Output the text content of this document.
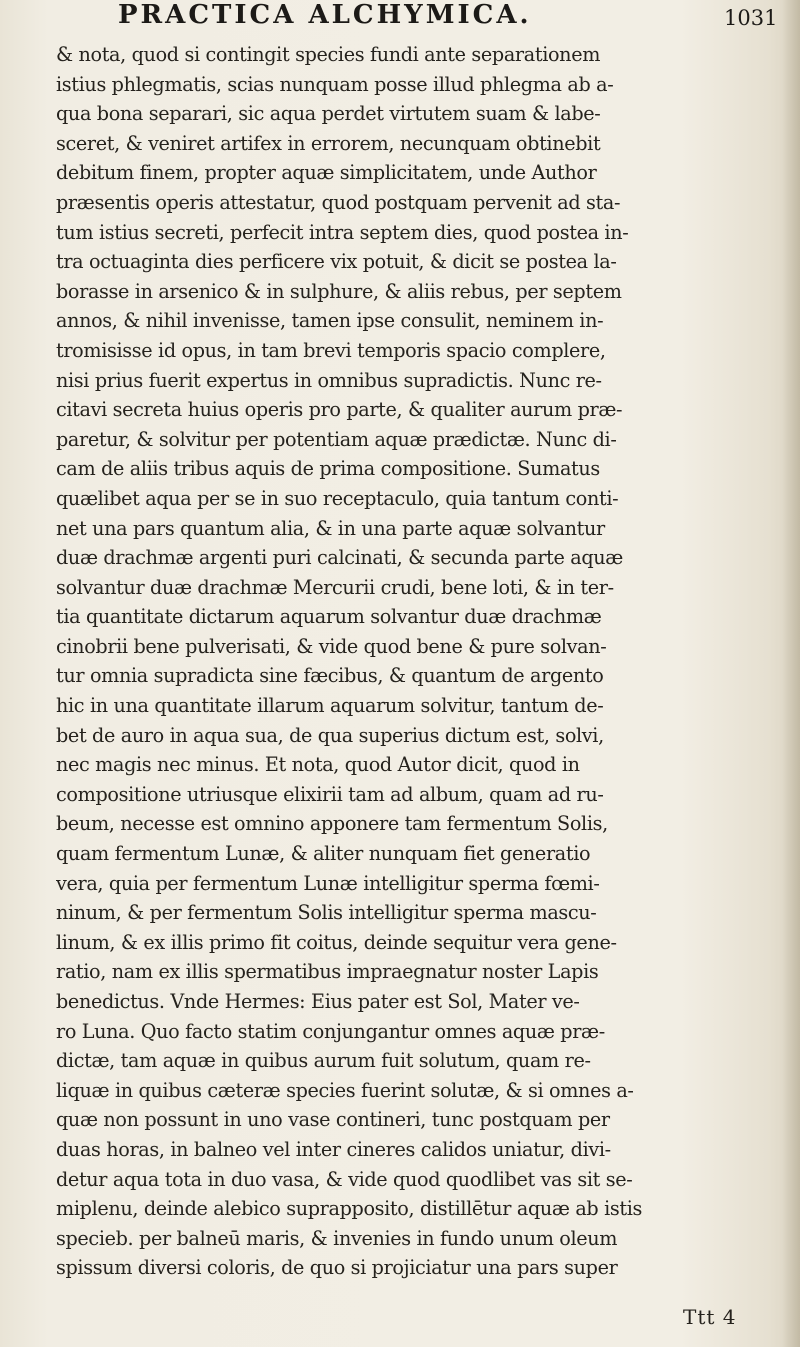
PRACTICA ALCHYMICA.	1031
& nota, quod si contingit species fundi ante separationem
istius phlegmatis, scias nunquam posse illud phlegma ab a-
qua bona separari, sic aqua perdet virtutem suam & labe-
sceret, & veniret artifex in errorem, necunquam obtinebit
debitum finem, propter aquæ simplicitatem, unde Author
præsentis operis attestatur, quod postquam pervenit ad sta-
tum istius secreti, perfecit intra septem dies, quod postea in-
tra octuaginta dies perficere vix potuit, & dicit se postea la-
borasse in arsenico & in sulphure, & aliis rebus, per septem
annos, & nihil invenisse, tamen ipse consulit, neminem in-
tromisisse id opus, in tam brevi temporis spacio complere,
nisi prius fuerit expertus in omnibus supradictis. Nunc re-
citavi secreta huius operis pro parte, & qualiter aurum præ-
paretur, & solvitur per potentiam aquæ prædictæ. Nunc di-
cam de aliis tribus aquis de prima compositione. Sumatus
quælibet aqua per se in suo receptaculo, quia tantum conti-
net una pars quantum alia, & in una parte aquæ solvantur
duæ drachmæ argenti puri calcinati, & secunda parte aquæ
solvantur duæ drachmæ Mercurii crudi, bene loti, & in ter-
tia quantitate dictarum aquarum solvantur duæ drachmæ
cinobrii bene pulverisati, & vide quod bene & pure solvan-
tur omnia supradicta sine fæcibus, & quantum de argento
hic in una quantitate illarum aquarum solvitur, tantum de-
bet de auro in aqua sua, de qua superius dictum est, solvi,
nec magis nec minus. Et nota, quod Autor dicit, quod in
compositione utriusque elixirii tam ad album, quam ad ru-
beum, necesse est omnino apponere tam fermentum Solis,
quam fermentum Lunæ, & aliter nunquam fiet generatio
vera, quia per fermentum Lunæ intelligitur sperma fœmi-
ninum, & per fermentum Solis intelligitur sperma mascu-
linum, & ex illis primo fit coitus, deinde sequitur vera gene-
ratio, nam ex illis spermatibus impraegnatur noster Lapis
benedictus. Vnde Hermes: Eius pater est Sol, Mater ve-
ro Luna. Quo facto statim conjungantur omnes aquæ præ-
dictæ, tam aquæ in quibus aurum fuit solutum, quam re-
liquæ in quibus cæteræ species fuerint solutæ, & si omnes a-
quæ non possunt in uno vase contineri, tunc postquam per
duas horas, in balneo vel inter cineres calidos uniatur, divi-
detur aqua tota in duo vasa, & vide quod quodlibet vas sit se-
miplenu, deinde alebico suprapposito, distillētur aquæ ab istis
specieb. per balneū maris, & invenies in fundo unum oleum
spissum diversi coloris, de quo si projiciatur una pars super
Ttt 4
